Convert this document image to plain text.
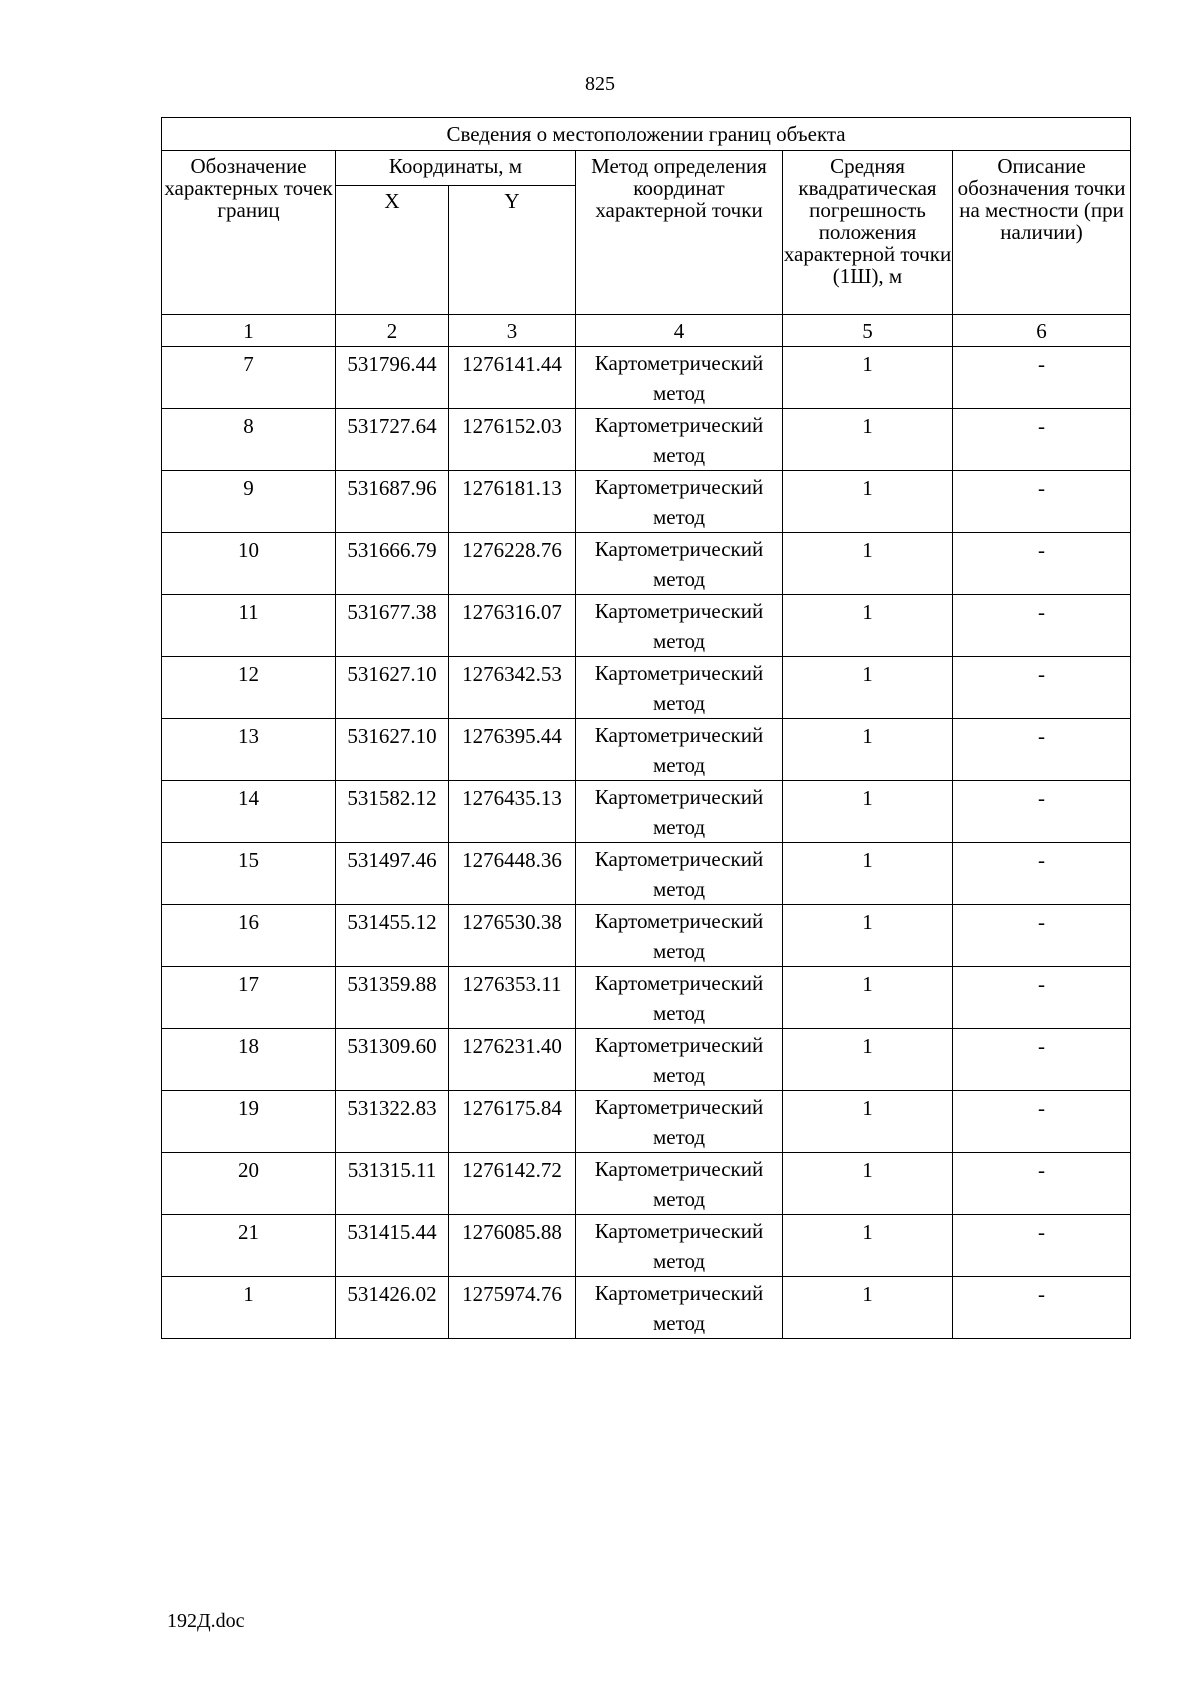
825
Сведения о местоположении границ объекта					
Обозначение характерных точек границ	Координаты, м		Метод определения координат характерной точки	Средняя квадратическая погрешность положения характерной точки (1Ш), м	Описание обозначения точки на местности (при наличии)
	X	Y			
1	2	3	4	5	6
7	531796.44	1276141.44	Картометрический метод	1	-
8	531727.64	1276152.03	Картометрический метод	1	-
9	531687.96	1276181.13	Картометрический метод	1	-
10	531666.79	1276228.76	Картометрический метод	1	-
11	531677.38	1276316.07	Картометрический метод	1	-
12	531627.10	1276342.53	Картометрический метод	1	-
13	531627.10	1276395.44	Картометрический метод	1	-
14	531582.12	1276435.13	Картометрический метод	1	-
15	531497.46	1276448.36	Картометрический метод	1	-
16	531455.12	1276530.38	Картометрический метод	1	-
17	531359.88	1276353.11	Картометрический метод	1	-
18	531309.60	1276231.40	Картометрический метод	1	-
19	531322.83	1276175.84	Картометрический метод	1	-
20	531315.11	1276142.72	Картометрический метод	1	-
21	531415.44	1276085.88	Картометрический метод	1	-
1	531426.02	1275974.76	Картометрический метод	1	-
192Д.doc
